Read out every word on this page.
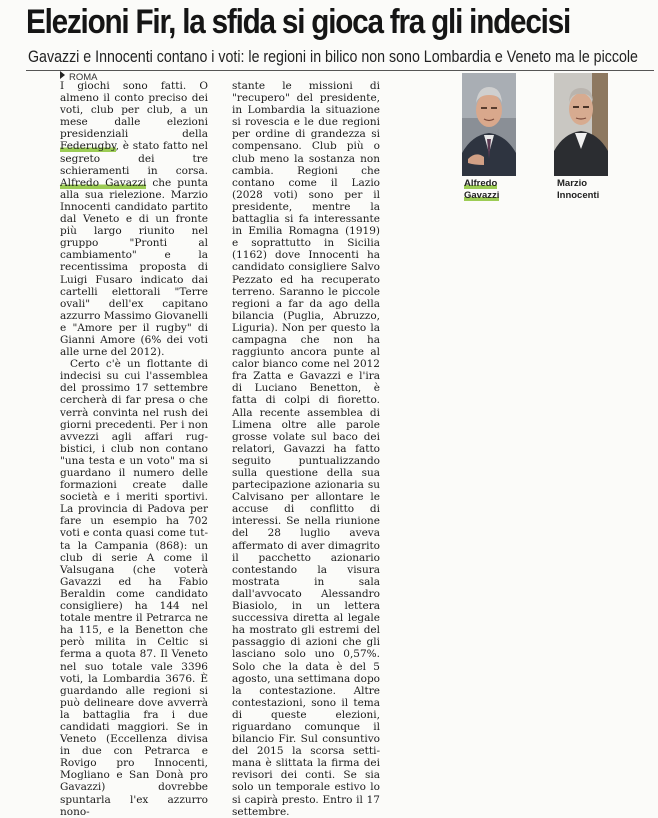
Elezioni Fir, la sfida si gioca fra gli indecisi
Gavazzi e Innocenti contano i voti: le regioni in bilico non sono Lombardia e Veneto ma le piccole
ROMA

I giochi sono fatti. O almeno il conto preciso dei voti, club per club, a un mese dalle elezioni presidenziali della Federugby, è stato fatto nel segreto dei tre schieramenti in corsa. Alfredo Gavazzi che punta alla sua rielezione. Marzio Innocenti candidato partito dal Veneto e di un fronte più largo riunito nel gruppo "Pronti al cambiamento" e la recentissima proposta di Luigi Fusaro indicato dai cartelli elettorali "Terre ovali" dell'ex capitano azzurro Massimo Giovanelli e "Amore per il rugby" di Gianni Amore (6% dei voti alle urne del 2012).

Certo c'è un flottante di indecisi su cui l'assemblea del prossimo 17 settembre cercherà di far presa o che verrà convinta nel rush dei giorni precedenti. Per i non avvezzi agli affari rugbistici, i club non contano "una testa e un voto" ma si guardano il numero delle formazioni create dalle società e i meriti sportivi. La provincia di Padova per fare un esempio ha 702 voti e conta quasi come tutta la Campania (868): un club di serie A come il Valsugana (che voterà Gavazzi ed ha Fabio Beraldin come candidato consigliere) ha 144 nel totale mentre il Petrarca ne ha 115, e la Benetton che però milita in Celtic si ferma a quota 87. Il Veneto nel suo totale vale 3396 voti, la Lombardia 3676. È guardando alle regioni si può delineare dove avverrà la battaglia fra i due candidati maggiori. Se in Veneto (Eccellenza divisa in due con Petrarca e Rovigo pro Innocenti, Mogliano e San Donà pro Gavazzi) dovrebbe spuntarla l'ex azzurro nono-

stante le missioni di "recupero" del presidente, in Lombardia la situazione si rovescia e le due regioni per ordine di grandezza si compensano. Club più o club meno la sostanza non cambia. Regioni che contano come il Lazio (2028 voti) sono per il presidente, mentre la battaglia si fa interessante in Emilia Romagna (1919) e soprattutto in Sicilia (1162) dove Innocenti ha candidato consigliere Salvo Pezzato ed ha recuperato terreno. Saranno le piccole regioni a far da ago della bilancia (Puglia, Abruzzo, Liguria). Non per questo la campagna che non ha raggiunto ancora punte al calor bianco come nel 2012 fra Zatta e Gavazzi e l'ira di Luciano Benetton, è fatta di colpi di fioretto. Alla recente assemblea di Limena oltre alle parole grosse volate sul baco dei relatori, Gavazzi ha fatto seguito puntualizzando sulla questione della sua partecipazione azionaria su Calvisano per allontare le accuse di conflitto di interessi. Se nella riunione del 28 luglio aveva affermato di aver dimagrito il pacchetto azionario contestando la visura mostrata in sala dall'avvocato Alessandro Biasiolo, in un lettera successiva diretta al legale ha mostrato gli estremi del passaggio di azioni che gli lasciano solo uno 0,57%. Solo che la data è del 5 agosto, una settimana dopo la contestazione. Altre contestazioni, sono il tema di queste elezioni, riguardano comunque il bilancio Fir. Sul consuntivo del 2015 la scorsa settimana è slittata la firma dei revisori dei conti. Se sia solo un temporale estivo lo si capirà presto. Entro il 17 settembre.

Alfredo
Gavazzi
Marzio
Innocenti
